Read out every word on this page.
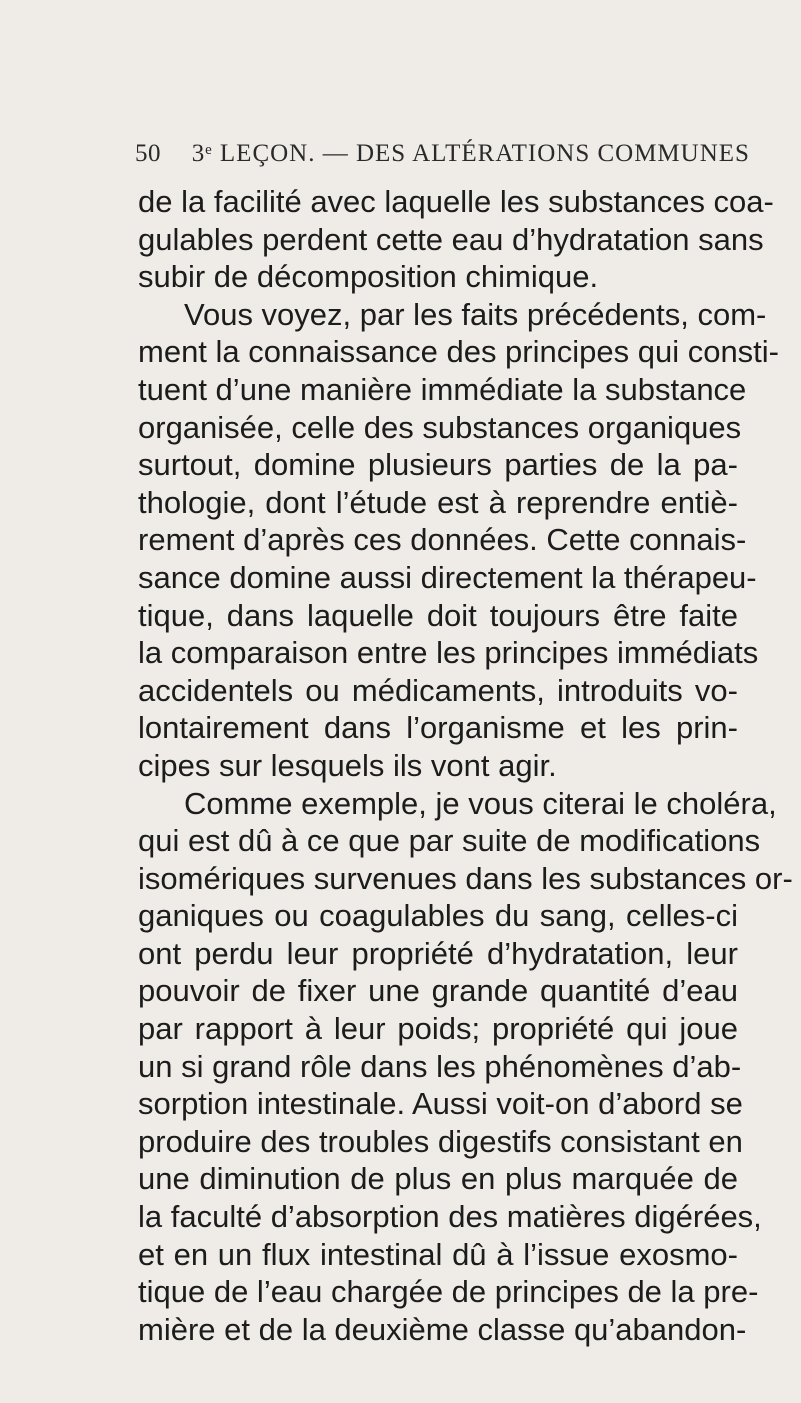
50 3ᵉ LEÇON. — DES ALTÉRATIONS COMMUNES
de la facilité avec laquelle les substances coa-
gulables perdent cette eau d’hydratation sans
subir de décomposition chimique.
Vous voyez, par les faits précédents, com-
ment la connaissance des principes qui consti-
tuent d’une manière immédiate la substance
organisée, celle des substances organiques
surtout, domine plusieurs parties de la pa-
thologie, dont l’étude est à reprendre entiè-
rement d’après ces données. Cette connais-
sance domine aussi directement la thérapeu-
tique, dans laquelle doit toujours être faite
la comparaison entre les principes immédiats
accidentels ou médicaments, introduits vo-
lontairement dans l’organisme et les prin-
cipes sur lesquels ils vont agir.
Comme exemple, je vous citerai le choléra,
qui est dû à ce que par suite de modifications
isomériques survenues dans les substances or-
ganiques ou coagulables du sang, celles-ci
ont perdu leur propriété d’hydratation, leur
pouvoir de fixer une grande quantité d’eau
par rapport à leur poids; propriété qui joue
un si grand rôle dans les phénomènes d’ab-
sorption intestinale. Aussi voit-on d’abord se
produire des troubles digestifs consistant en
une diminution de plus en plus marquée de
la faculté d’absorption des matières digérées,
et en un flux intestinal dû à l’issue exosmo-
tique de l’eau chargée de principes de la pre-
mière et de la deuxième classe qu’abandon-
